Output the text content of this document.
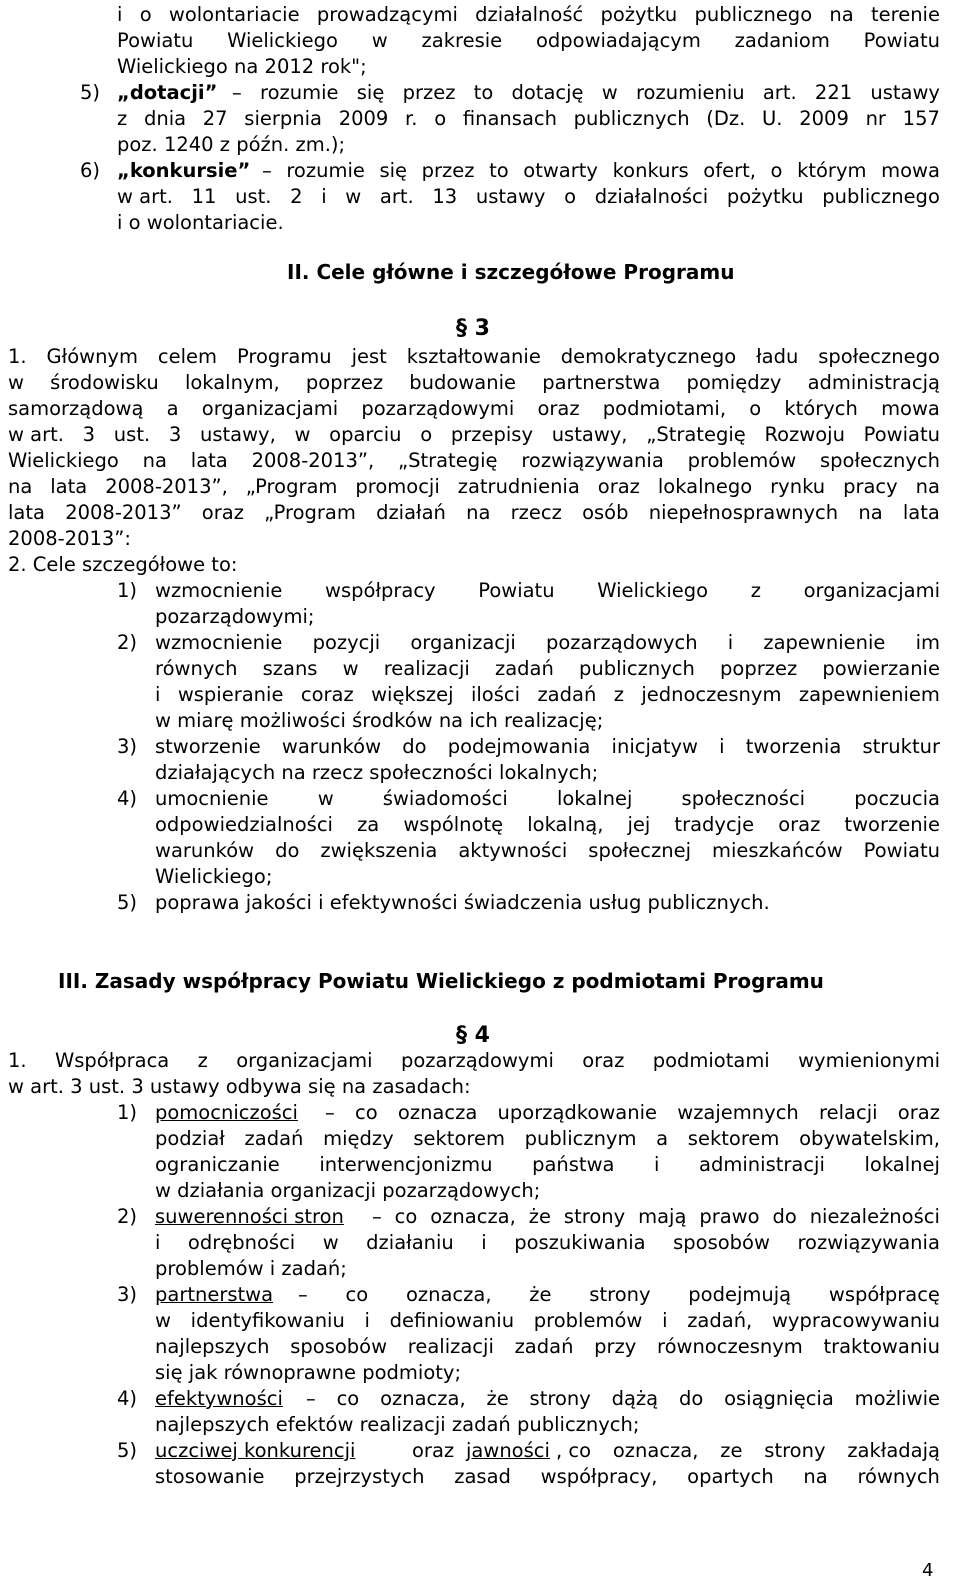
i o wolontariacie prowadzącymi działalność pożytku publicznego na terenie
Powiatu Wielickiego w zakresie odpowiadającym zadaniom Powiatu
Wielickiego na 2012 rok";
5) „dotacji” – rozumie się przez to dotację w rozumieniu art. 221 ustawy
z dnia 27 sierpnia 2009 r. o finansach publicznych (Dz. U. 2009 nr 157
poz. 1240 z późn. zm.);
6) „konkursie” – rozumie się przez to otwarty konkurs ofert, o którym mowa
w art. 11 ust. 2 i w art. 13 ustawy o działalności pożytku publicznego
i o wolontariacie.
II. Cele główne i szczegółowe Programu
§ 3
1. Głównym celem Programu jest kształtowanie demokratycznego ładu społecznego
w środowisku lokalnym, poprzez budowanie partnerstwa pomiędzy administracją
samorządową a organizacjami pozarządowymi oraz podmiotami, o których mowa
w art. 3 ust. 3 ustawy, w oparciu o przepisy ustawy, „Strategię Rozwoju Powiatu
Wielickiego na lata 2008-2013”, „Strategię rozwiązywania problemów społecznych
na lata 2008-2013”, „Program promocji zatrudnienia oraz lokalnego rynku pracy na
lata 2008-2013” oraz „Program działań na rzecz osób niepełnosprawnych na lata
2008-2013”:
2. Cele szczegółowe to:
1) wzmocnienie współpracy Powiatu Wielickiego z organizacjami
pozarządowymi;
2) wzmocnienie pozycji organizacji pozarządowych i zapewnienie im
równych szans w realizacji zadań publicznych poprzez powierzanie
i wspieranie coraz większej ilości zadań z jednoczesnym zapewnieniem
w miarę możliwości środków na ich realizację;
3) stworzenie warunków do podejmowania inicjatyw i tworzenia struktur
działających na rzecz społeczności lokalnych;
4) umocnienie	w	świadomości	lokalnej	społeczności	poczucia
odpowiedzialności za wspólnotę lokalną, jej tradycje oraz tworzenie
warunków do zwiększenia aktywności społecznej mieszkańców Powiatu
Wielickiego;
5) poprawa jakości i efektywności świadczenia usług publicznych.
III. Zasady współpracy Powiatu Wielickiego z podmiotami Programu
§ 4
1. Współpraca z organizacjami pozarządowymi oraz podmiotami wymienionymi
w art. 3 ust. 3 ustawy odbywa się na zasadach:
1) pomocniczości – co oznacza uporządkowanie wzajemnych relacji oraz
podział zadań między sektorem publicznym a sektorem obywatelskim,
ograniczanie interwencjonizmu państwa i administracji lokalnej
w działania organizacji pozarządowych;
2) suwerenności stron – co oznacza, że strony mają prawo do niezależności
i odrębności w działaniu i poszukiwania sposobów rozwiązywania
problemów i zadań;
3) partnerstwa – co oznacza, że strony podejmują współpracę
w identyfikowaniu i definiowaniu problemów i zadań, wypracowywaniu
najlepszych sposobów realizacji zadań przy równoczesnym traktowaniu
się jak równoprawne podmioty;
4) efektywności – co oznacza, że strony dążą do osiągnięcia możliwie
najlepszych efektów realizacji zadań publicznych;
5) uczciwej konkurencji	oraz jawności , co oznacza, ze strony zakładają
stosowanie przejrzystych zasad współpracy, opartych na równych
4
